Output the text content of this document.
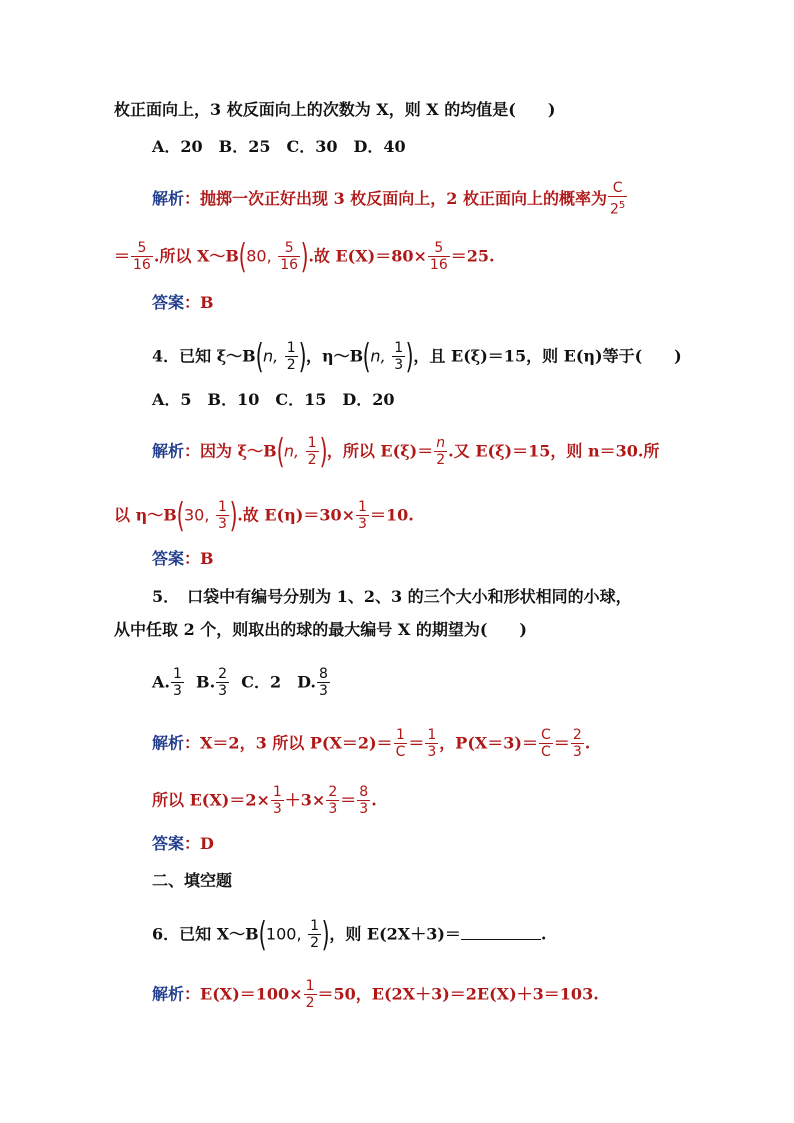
枚正面向上，3 枚反面向上的次数为 X，则 X 的均值是(　　)
A．20　B．25　C．30　D．40
解析：抛掷一次正好出现 3 枚反面向上，2 枚正面向上的概率为 $\frac{C}{2^5}$
＝ $\frac{5}{16}$ .所以 X～B(80, $\frac{5}{16}$ ).故 $E(X)=80\times \frac{5}{16} =25$.
答案：B
4．已知 ξ～B(n, $\frac{1}{2}$ )，η～B(n, $\frac{1}{3}$ )，且 E(ξ)＝15，则 E(η)等于(　　)
A．5　B．10　C．15　D．20
解析：因为 ξ～B(n, $\frac{1}{2}$ )，所以 $E(\xi)= \frac{n}{2}$ .又 E(ξ)＝15，则 n＝30.所
以 η～B(30, $\frac{1}{3}$ ).故 $E(\eta)=30\times \frac{1}{3} =10$.
答案：B
5．　口袋中有编号分别为 1、2、3 的三个大小和形状相同的小球，
从中任取 2 个，则取出的球的最大编号 X 的期望为(　　)
A. $\frac{1}{3} B$. $\frac{2}{3}$ C．2　D. $\frac{8}{3}$
解析：X＝2，3 所以 $P(X=2)= \frac{1}{C} = \frac{1}{3}$ ，$P(X=3)= \frac{C}{C} = \frac{2}{3}$ .
所以 $E(X)=2\times \frac{1}{3} +3\times \frac{2}{3} = \frac{8}{3}$ .
答案：D
二、填空题
6．已知 X～B(100, $\frac{1}{2}$ )，则 E(2X＋3)＝	.
解析：$E(X)=100\times \frac{1}{2} =50$，E(2X＋3)＝2E(X)＋3＝103.
